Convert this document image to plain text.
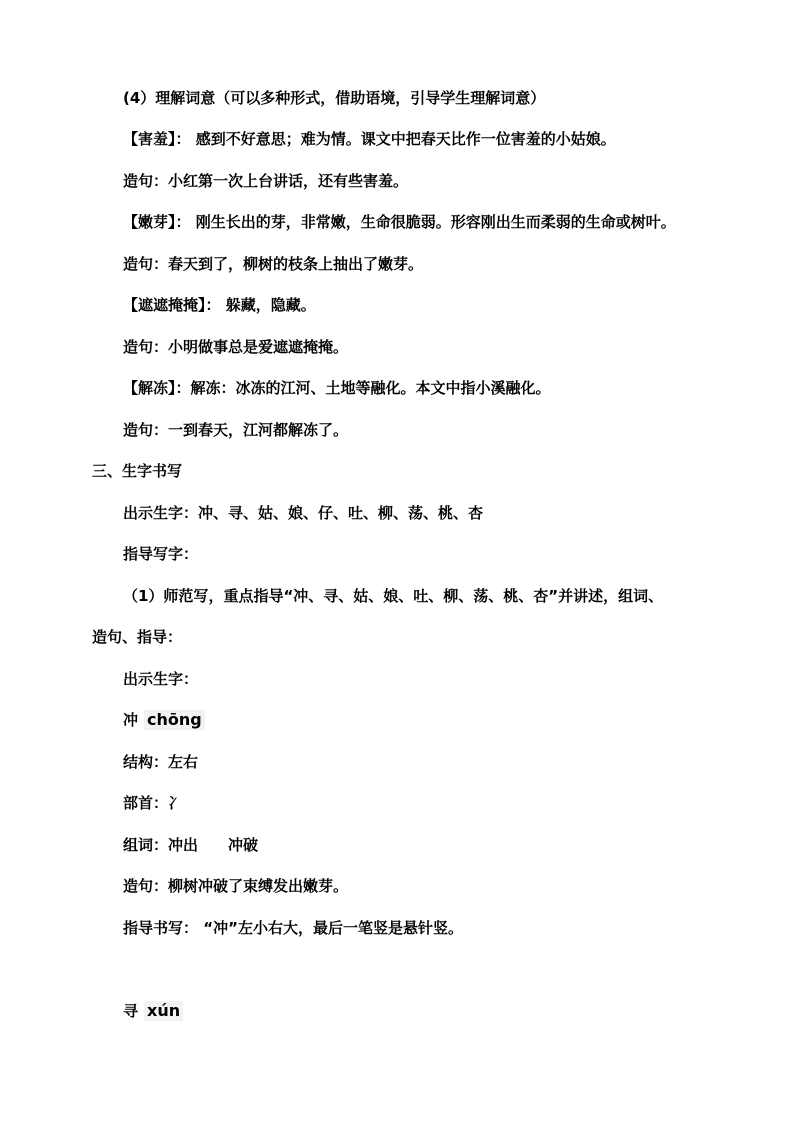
(4）理解词意（可以多种形式，借助语境，引导学生理解词意）
【害羞】： 感到不好意思；难为情。课文中把春天比作一位害羞的小姑娘。
造句：小红第一次上台讲话，还有些害羞。
【嫩芽】： 刚生长出的芽，非常嫩，生命很脆弱。形容刚出生而柔弱的生命或树叶。
造句：春天到了，柳树的枝条上抽出了嫩芽。
【遮遮掩掩】： 躲藏，隐藏。
造句：小明做事总是爱遮遮掩掩。
【解冻】：解冻：冰冻的江河、土地等融化。本文中指小溪融化。
造句：一到春天，江河都解冻了。
三、生字书写
出示生字：冲、寻、姑、娘、仔、吐、柳、荡、桃、杏
指导写字：
（1）师范写，重点指导“冲、寻、姑、娘、吐、柳、荡、桃、杏”并讲述，组词、
造句、指导：
出示生字：
冲 chōng
结构：左右
部首：冫
组词：冲出 冲破
造句：柳树冲破了束缚发出嫩芽。
指导书写： “冲”左小右大，最后一笔竖是悬针竖。
寻 xún
